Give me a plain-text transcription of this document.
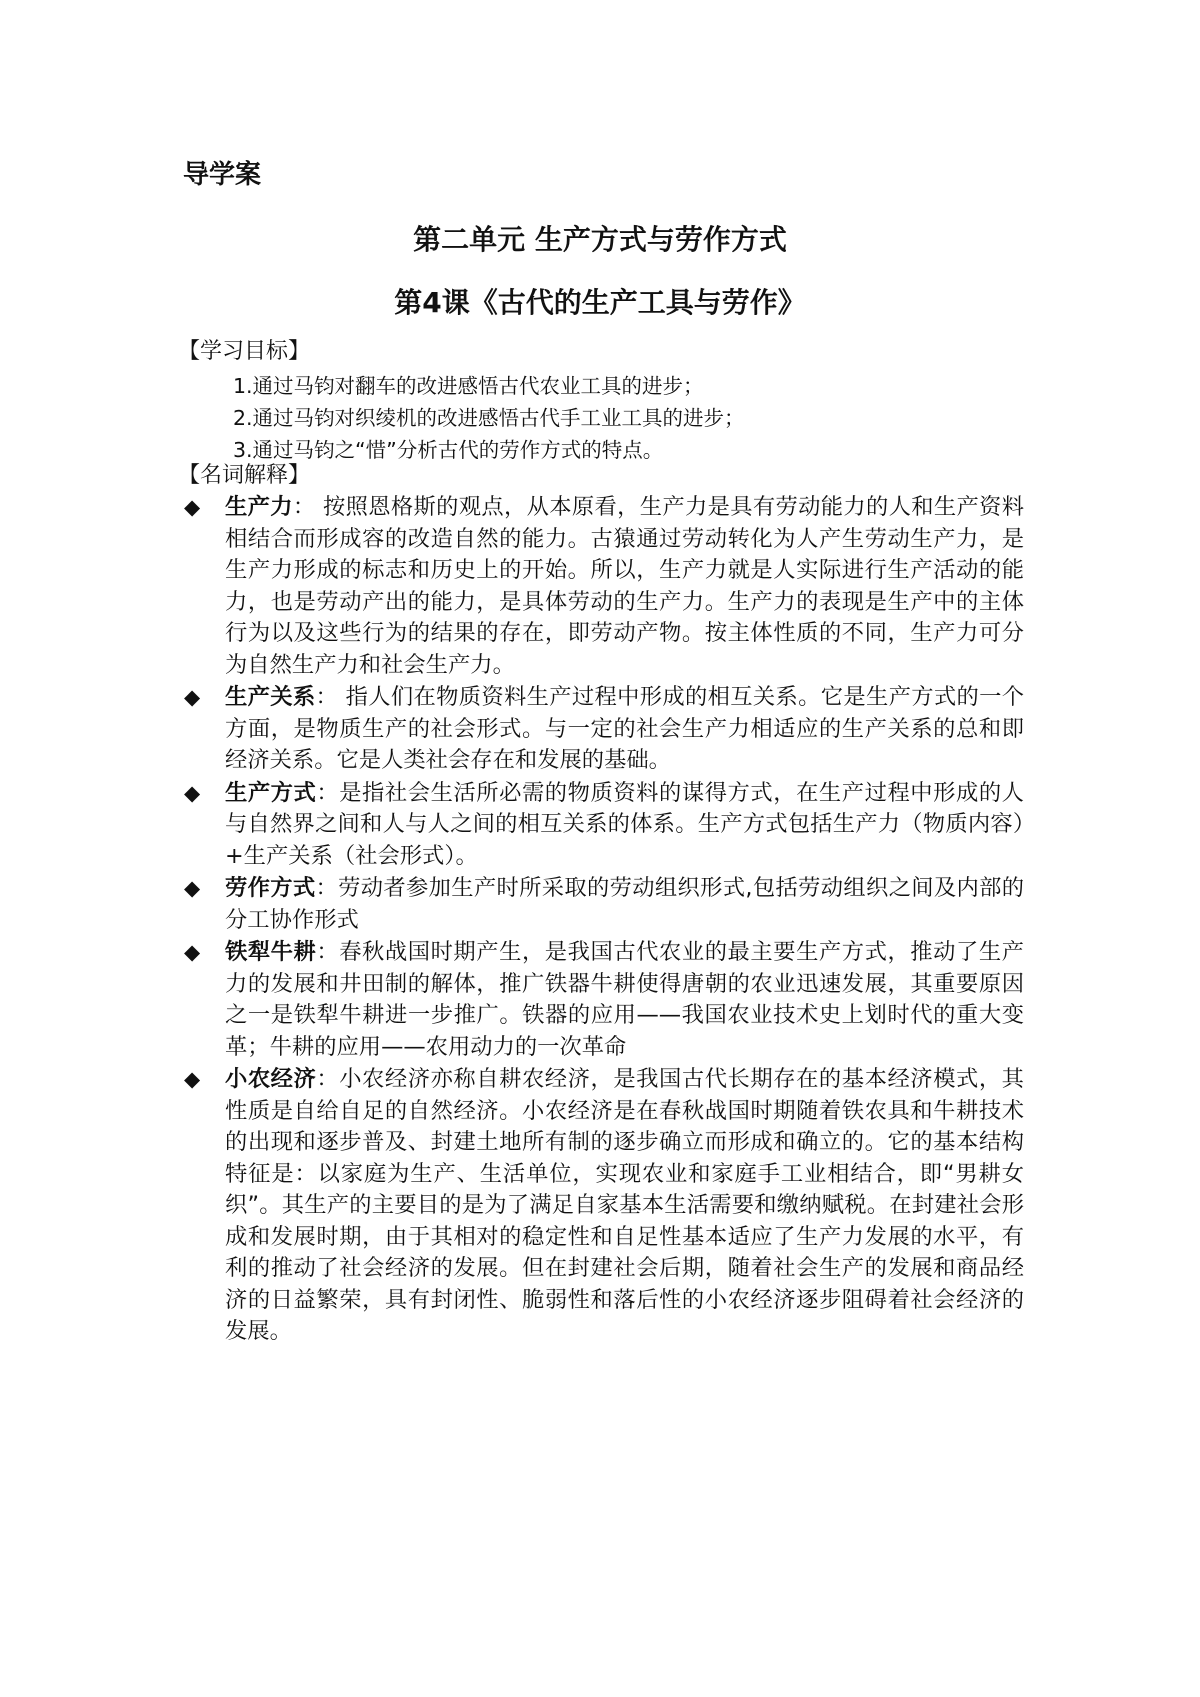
导学案
第二单元 生产方式与劳作方式
第4课《古代的生产工具与劳作》
【学习目标】
1.通过马钧对翻车的改进感悟古代农业工具的进步；
2.通过马钧对织绫机的改进感悟古代手工业工具的进步；
3.通过马钧之“惜”分析古代的劳作方式的特点。
【名词解释】
◆ 生产力： 按照恩格斯的观点，从本原看，生产力是具有劳动能力的人和生产资料相结合而形成容的改造自然的能力。古猿通过劳动转化为人产生劳动生产力，是生产力形成的标志和历史上的开始。所以，生产力就是人实际进行生产活动的能力，也是劳动产出的能力，是具体劳动的生产力。生产力的表现是生产中的主体行为以及这些行为的结果的存在，即劳动产物。按主体性质的不同，生产力可分为自然生产力和社会生产力。
◆ 生产关系： 指人们在物质资料生产过程中形成的相互关系。它是生产方式的一个方面，是物质生产的社会形式。与一定的社会生产力相适应的生产关系的总和即经济关系。它是人类社会存在和发展的基础。
◆ 生产方式：是指社会生活所必需的物质资料的谋得方式，在生产过程中形成的人与自然界之间和人与人之间的相互关系的体系。生产方式包括生产力（物质内容）+生产关系（社会形式）。
◆ 劳作方式：劳动者参加生产时所采取的劳动组织形式,包括劳动组织之间及内部的分工协作形式
◆ 铁犁牛耕：春秋战国时期产生，是我国古代农业的最主要生产方式，推动了生产力的发展和井田制的解体，推广铁器牛耕使得唐朝的农业迅速发展，其重要原因之一是铁犁牛耕进一步推广。铁器的应用——我国农业技术史上划时代的重大变革；牛耕的应用——农用动力的一次革命
◆ 小农经济：小农经济亦称自耕农经济，是我国古代长期存在的基本经济模式，其性质是自给自足的自然经济。小农经济是在春秋战国时期随着铁农具和牛耕技术的出现和逐步普及、封建土地所有制的逐步确立而形成和确立的。它的基本结构特征是：以家庭为生产、生活单位，实现农业和家庭手工业相结合，即“男耕女织”。其生产的主要目的是为了满足自家基本生活需要和缴纳赋税。在封建社会形成和发展时期，由于其相对的稳定性和自足性基本适应了生产力发展的水平，有利的推动了社会经济的发展。但在封建社会后期，随着社会生产的发展和商品经济的日益繁荣，具有封闭性、脆弱性和落后性的小农经济逐步阻碍着社会经济的发展。
